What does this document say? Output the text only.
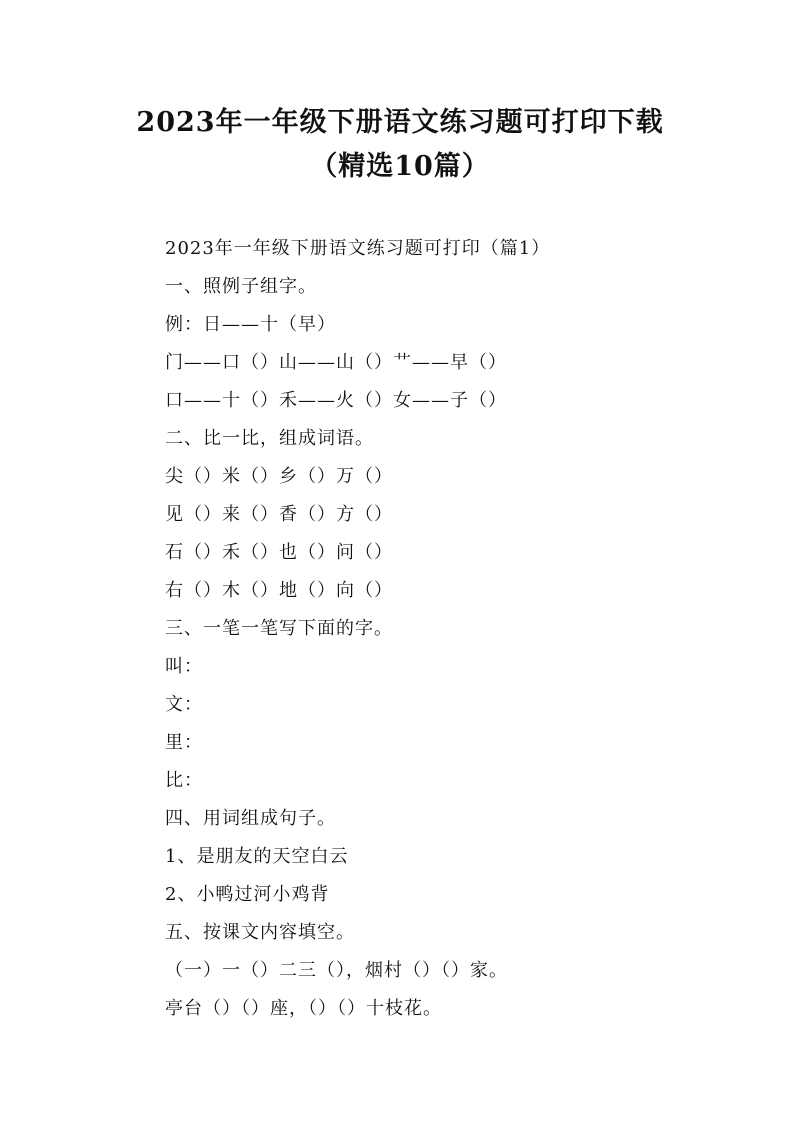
2023年一年级下册语文练习题可打印下载
（精选10篇）
2023年一年级下册语文练习题可打印（篇1）
一、照例子组字。
例：日——十（早）
门——口（）山——山（）艹——早（）
口——十（）禾——火（）女——子（）
二、比一比，组成词语。
尖（）米（）乡（）万（）
见（）来（）香（）方（）
石（）禾（）也（）问（）
右（）木（）地（）向（）
三、一笔一笔写下面的字。
叫：
文：
里：
比：
四、用词组成句子。
1、是朋友的天空白云
2、小鸭过河小鸡背
五、按课文内容填空。
（一）一（）二三（），烟村（）（）家。
亭台（）（）座，（）（）十枝花。
